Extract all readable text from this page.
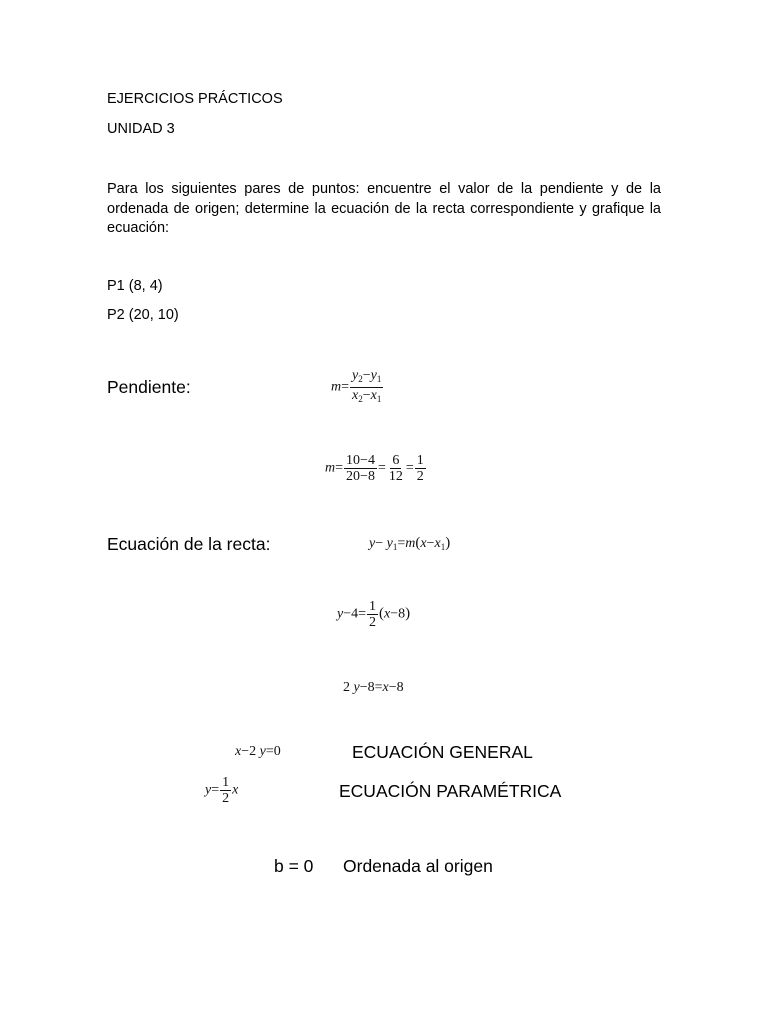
EJERCICIOS PRÁCTICOS
UNIDAD 3
Para los siguientes pares de puntos: encuentre el valor de la pendiente y de la ordenada de origen; determine la ecuación de la recta correspondiente y grafique la ecuación:
P1 (8, 4)
P2 (20, 10)
Pendiente:	$m= \frac{y_2-y_1}{x_2-x_1}$
$m= \frac{10-4}{20-8} = \frac{6}{12} = \frac{1}{2}$
Ecuación de la recta:	$y- y_1=m(x-x_1)$
$y-4= \frac{1}{2} (x-8)$
2 y−8=x−8
x−2 y=0	ECUACIÓN GENERAL
$y= \frac{1}{2}$ x	ECUACIÓN PARAMÉTRICA
b = 0 Ordenada al origen
